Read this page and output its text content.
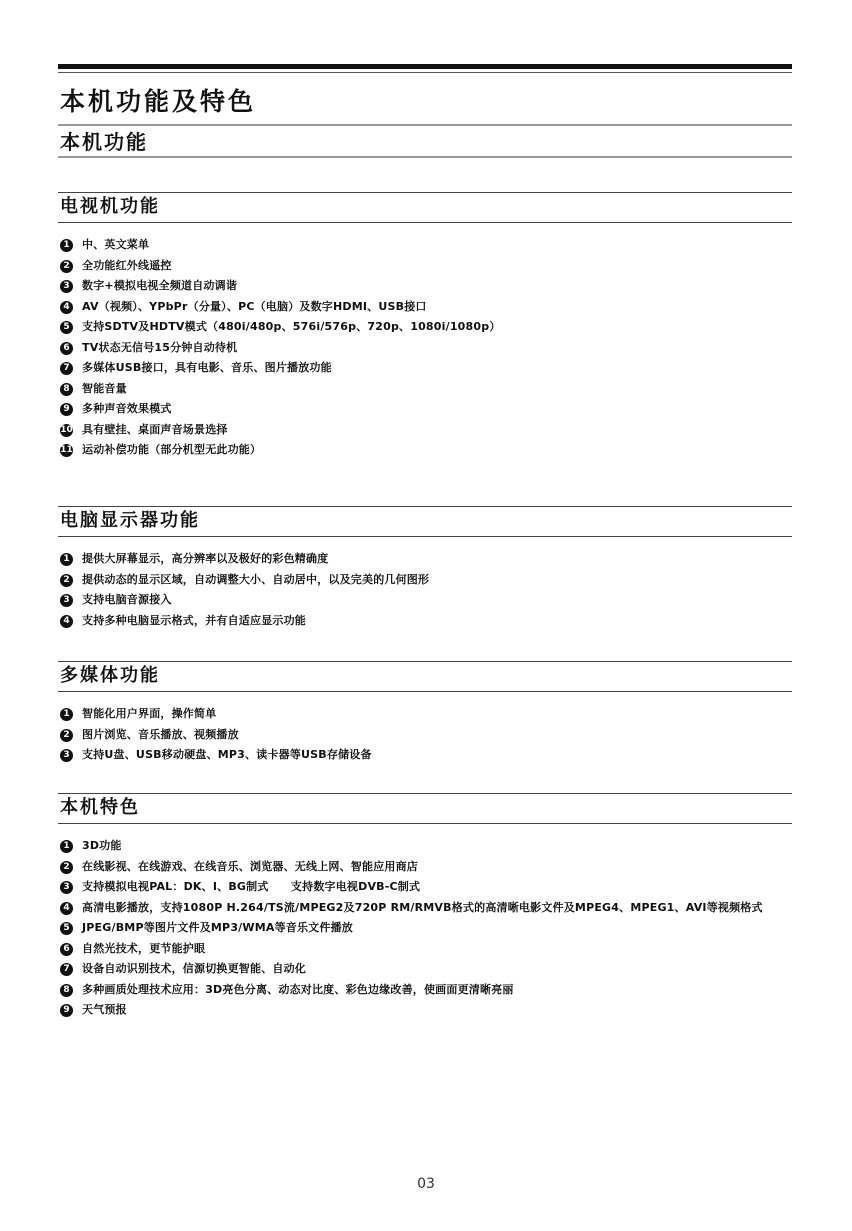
本机功能及特色
本机功能
电视机功能
1	中、英文菜单
2	全功能红外线遥控
3	数字+模拟电视全频道自动调谐
4	AV（视频）、YPbPr（分量）、PC（电脑）及数字HDMI、USB接口
5	支持SDTV及HDTV模式（480i/480p、576i/576p、720p、1080i/1080p）
6	TV状态无信号15分钟自动待机
7	多媒体USB接口，具有电影、音乐、图片播放功能
8	智能音量
9	多种声音效果模式
10 具有壁挂、桌面声音场景选择
11 运动补偿功能（部分机型无此功能）
电脑显示器功能
1	提供大屏幕显示，高分辨率以及极好的彩色精确度
2	提供动态的显示区域，自动调整大小、自动居中，以及完美的几何图形
3	支持电脑音源接入
4	支持多种电脑显示格式，并有自适应显示功能
多媒体功能
1	智能化用户界面，操作简单
2	图片浏览、音乐播放、视频播放
3	支持U盘、USB移动硬盘、MP3、读卡器等USB存储设备
本机特色
1	3D功能
2	在线影视、在线游戏、在线音乐、浏览器、无线上网、智能应用商店
3	支持模拟电视PAL：DK、I、BG制式　　支持数字电视DVB-C制式
4	高清电影播放，支持1080P H.264/TS流/MPEG2及720P RM/RMVB格式的高清晰电影文件及MPEG4、MPEG1、AVI等视频格式
5	JPEG/BMP等图片文件及MP3/WMA等音乐文件播放
6	自然光技术，更节能护眼
7	设备自动识别技术，信源切换更智能、自动化
8	多种画质处理技术应用：3D亮色分离、动态对比度、彩色边缘改善，使画面更清晰亮丽
9	天气预报
03
